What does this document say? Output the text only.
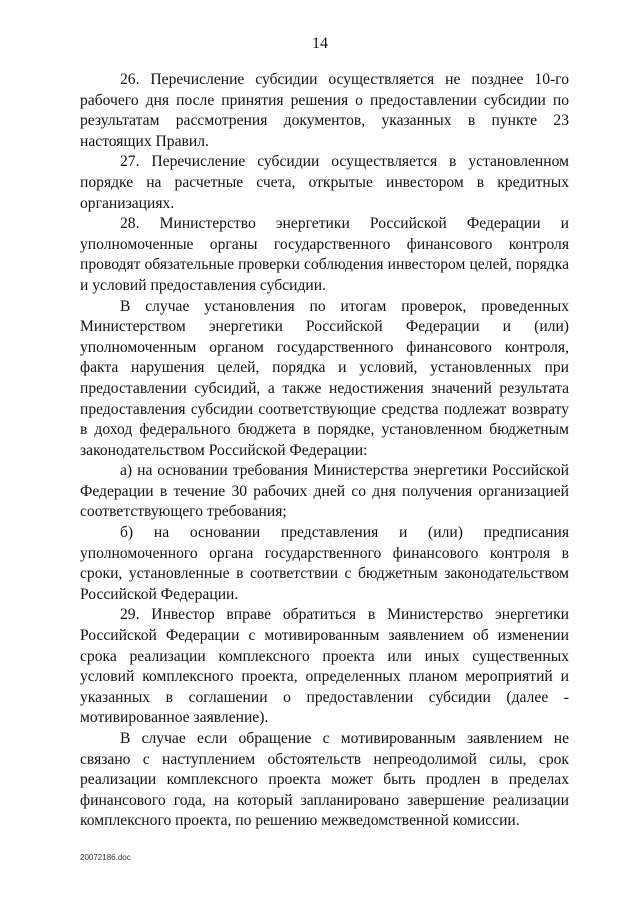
14

26. Перечисление субсидии осуществляется не позднее 10-го рабочего дня после принятия решения о предоставлении субсидии по результатам рассмотрения документов, указанных в пункте 23 настоящих Правил.

27. Перечисление субсидии осуществляется в установленном порядке на расчетные счета, открытые инвестором в кредитных организациях.

28. Министерство энергетики Российской Федерации и уполномоченные органы государственного финансового контроля проводят обязательные проверки соблюдения инвестором целей, порядка и условий предоставления субсидии.

В случае установления по итогам проверок, проведенных Министерством энергетики Российской Федерации и (или) уполномоченным органом государственного финансового контроля, факта нарушения целей, порядка и условий, установленных при предоставлении субсидий, а также недостижения значений результата предоставления субсидии соответствующие средства подлежат возврату в доход федерального бюджета в порядке, установленном бюджетным законодательством Российской Федерации:

а) на основании требования Министерства энергетики Российской Федерации в течение 30 рабочих дней со дня получения организацией соответствующего требования;

б) на основании представления и (или) предписания уполномоченного органа государственного финансового контроля в сроки, установленные в соответствии с бюджетным законодательством Российской Федерации.

29. Инвестор вправе обратиться в Министерство энергетики Российской Федерации с мотивированным заявлением об изменении срока реализации комплексного проекта или иных существенных условий комплексного проекта, определенных планом мероприятий и указанных в соглашении о предоставлении субсидии (далее - мотивированное заявление).

В случае если обращение с мотивированным заявлением не связано с наступлением обстоятельств непреодолимой силы, срок реализации комплексного проекта может быть продлен в пределах финансового года, на который запланировано завершение реализации комплексного проекта, по решению межведомственной комиссии.

20072186.doc
